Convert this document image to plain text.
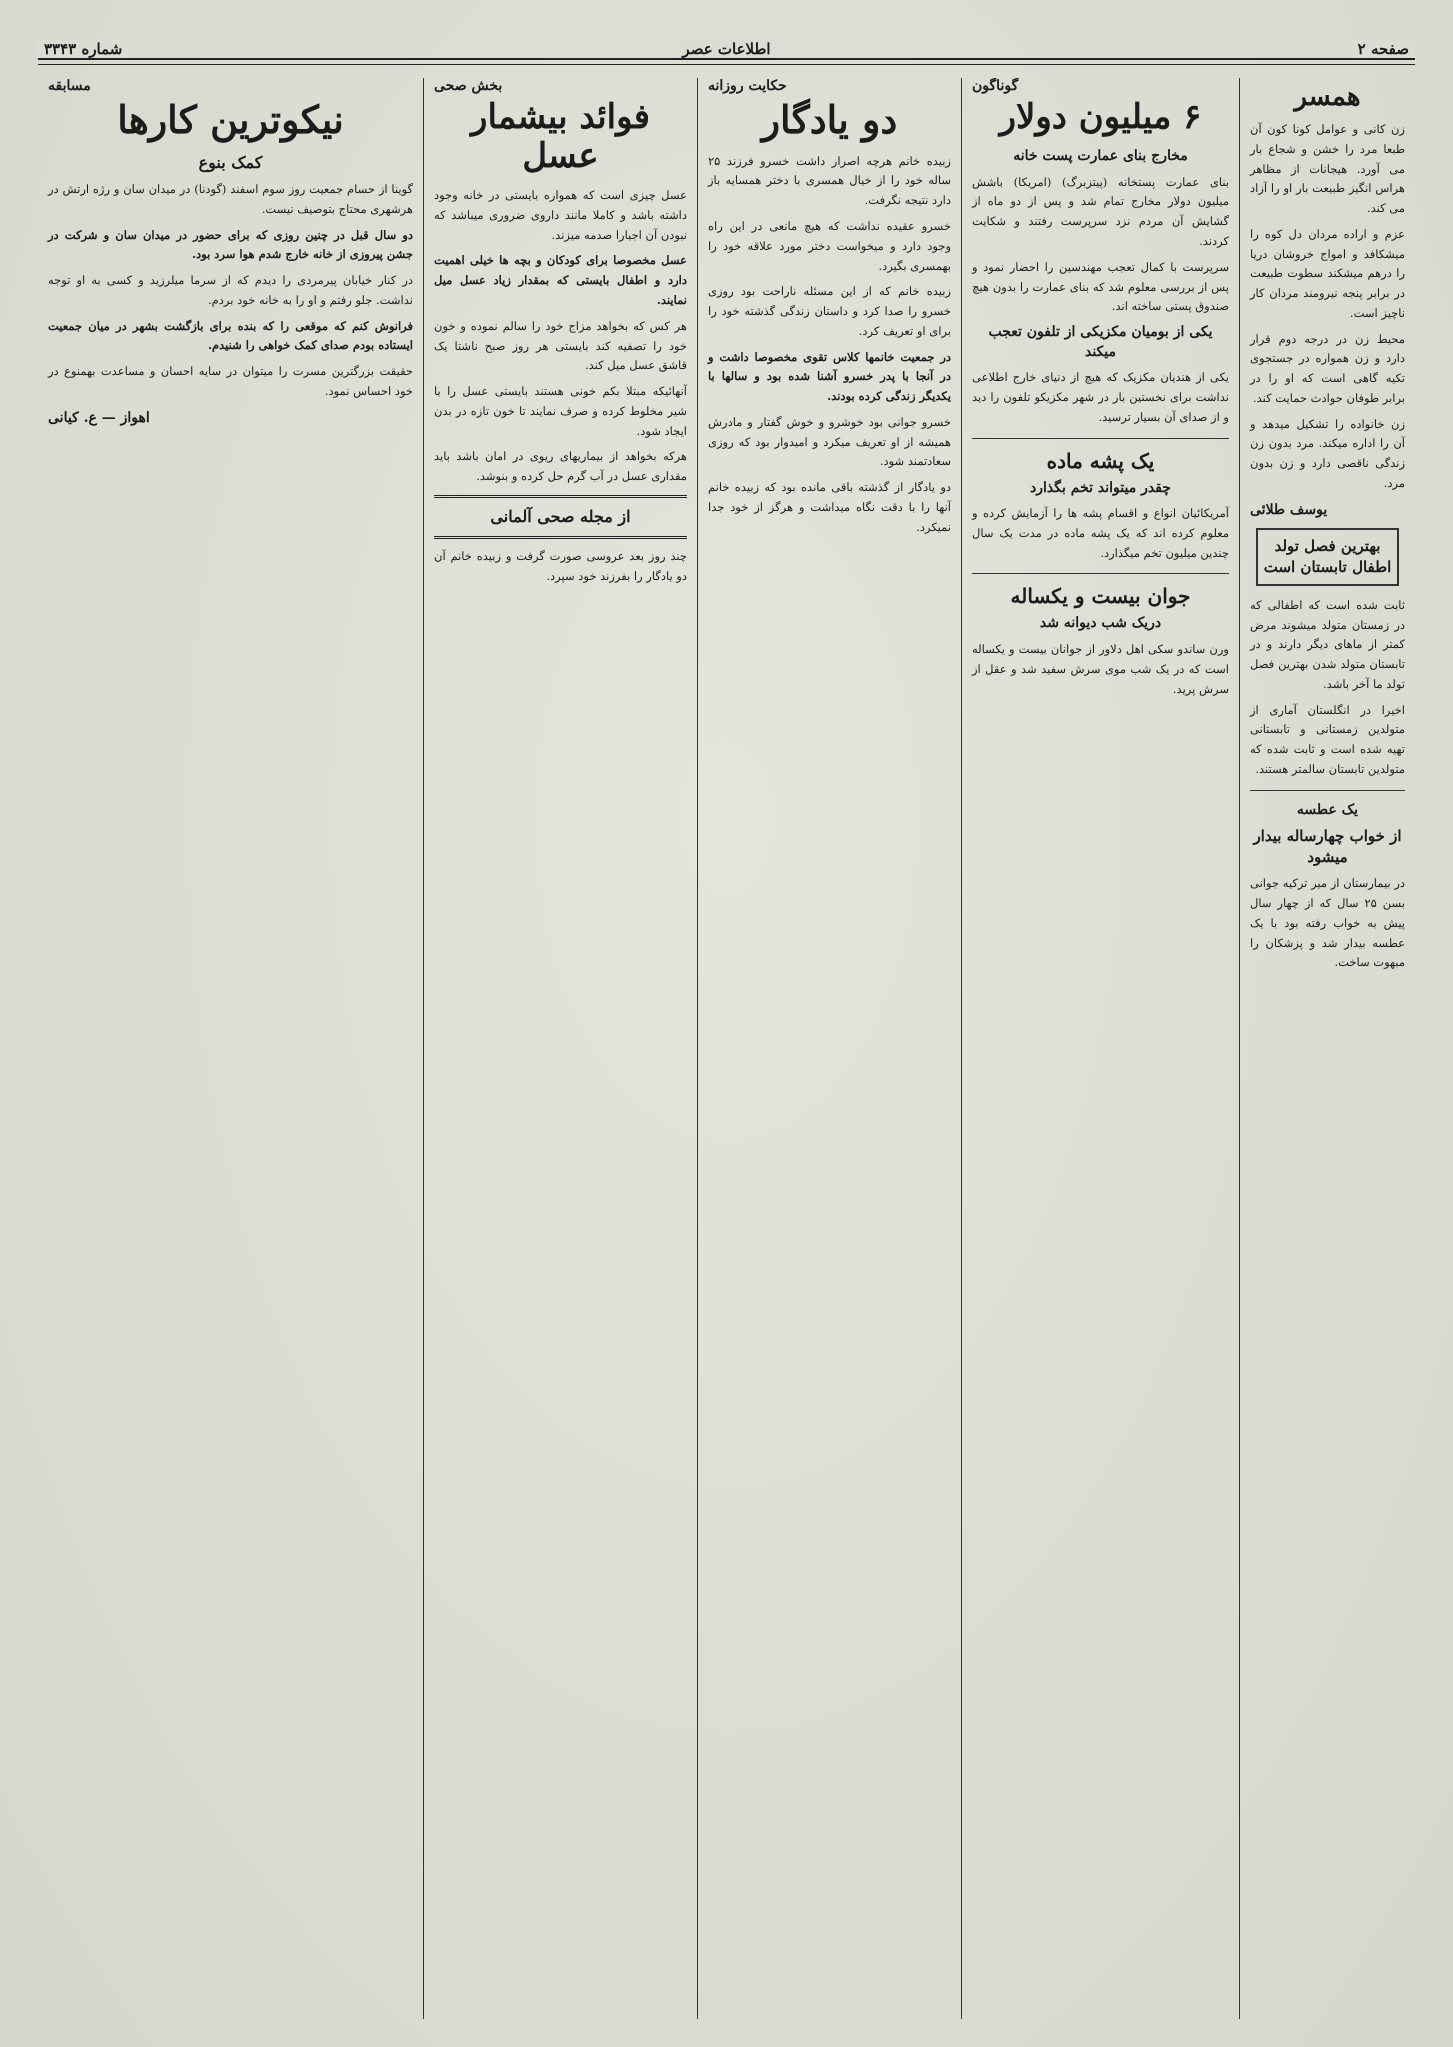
صفحه ۲
اطلاعات عصر
شماره ۳۳۴۳
همسر

زن کانی و عوامل کونا کون آن طبعا مرد را خشن و شجاع بار می آورد. هیجانات از مظاهر هراس انگیز طبیعت بار او را آزاد می کند.

عزم و اراده مردان دل کوه را میشکافد و امواج خروشان دریا را درهم میشکند سطوت طبیعت در برابر پنجه نیرومند مردان کار ناچیز است.

محیط زن در درجه دوم قرار دارد و زن همواره در جستجوی تکیه گاهی است که او را در برابر طوفان حوادث حمایت کند.

زن خانواده را تشکیل میدهد و آن را اداره میکند. مرد بدون زن زندگی ناقصی دارد و زن بدون مرد.

یوسف طلائی
بهترین فصل تولد اطفال تابستان است

ثابت شده است که اطفالی که در زمستان متولد میشوند مرض کمتر از ماهای دیگر دارند و در تابستان متولد شدن بهترین فصل تولد ما آخر باشد.

اخیرا در انگلستان آماری از متولدین زمستانی و تابستانی تهیه شده است و ثابت شده که متولدین تابستان سالمتر هستند.

یک عطسه
از خواب چهارساله بیدار میشود

در بیمارستان از میر ترکیه جوانی بسن ۲۵ سال که از چهار سال پیش به خواب رفته بود با یک عطسه بیدار شد و پزشکان را مبهوت ساخت.

گوناگون
۶ میلیون دولار
مخارج بنای عمارت پست خانه

بنای عمارت پستخانه (پیتزبرگ) (امریکا) باشش میلیون دولار مخارج تمام شد و پس از دو ماه از گشایش آن مردم نزد سرپرست رفتند و شکایت کردند.

سرپرست با کمال تعجب مهندسین را احضار نمود و پس از بررسی معلوم شد که بنای عمارت را بدون هیچ صندوق پستی ساخته اند.

یکی از بومیان مکزیکی از تلفون تعجب میکند

یکی از هندیان مکزیک که هیچ از دنیای خارج اطلاعی نداشت برای نخستین بار در شهر مکزیکو تلفون را دید و از صدای آن بسیار ترسید.

یک پشه ماده
چقدر میتواند تخم بگذارد

آمریکائیان انواع و اقسام پشه ها را آزمایش کرده و معلوم کرده اند که یک پشه ماده در مدت یک سال چندین میلیون تخم میگذارد.

جوان بیست و یکساله
دریک شب دیوانه شد

ورن ساندو سکی اهل دلاور از جوانان بیست و یکساله است که در یک شب موی سرش سفید شد و عقل از سرش پرید.

حکایت روزانه
دو یادگار

زبیده خانم هرچه اصرار داشت خسرو فرزند ۲۵ ساله خود را از خیال همسری با دختر همسایه باز دارد نتیجه نگرفت.

خسرو عقیده نداشت که هیچ مانعی در این راه وجود دارد و میخواست دختر مورد علاقه خود را بهمسری بگیرد.

زبیده خانم که از این مسئله ناراحت بود روزی خسرو را صدا کرد و داستان زندگی گذشته خود را برای او تعریف کرد.

در جمعیت خانمها کلاس تقوی مخصوصا داشت و در آنجا با پدر خسرو آشنا شده بود و سالها با یکدیگر زندگی کرده بودند.

خسرو جوانی بود خوشرو و خوش گفتار و مادرش همیشه از او تعریف میکرد و امیدوار بود که روزی سعادتمند شود.

دو یادگار از گذشته باقی مانده بود که زبیده خانم آنها را با دقت نگاه میداشت و هرگز از خود جدا نمیکرد.

بخش صحی
فوائد بیشمار عسل

عسل چیزی است که همواره بایستی در خانه وجود داشته باشد و کاملا مانند داروی ضروری میباشد که نبودن آن اجبارا صدمه میزند.

عسل مخصوصا برای کودکان و بچه ها خیلی اهمیت دارد و اطفال بایستی که بمقدار زیاد عسل میل نمایند.

هر کس که بخواهد مزاج خود را سالم نموده و خون خود را تصفیه کند بایستی هر روز صبح ناشتا یک قاشق عسل میل کند.

آنهائیکه مبتلا بکم خونی هستند بایستی عسل را با شیر مخلوط کرده و صرف نمایند تا خون تازه در بدن ایجاد شود.

هرکه بخواهد از بیماریهای ریوی در امان باشد باید مقداری عسل در آب گرم حل کرده و بنوشد.

از مجله صحی آلمانی

چند روز بعد عروسی صورت گرفت و زبیده خانم آن دو یادگار را بفرزند خود سپرد.

مسابقه
نیکوترین کارها
کمک بنوع

گوینا از حسام جمعیت روز سوم اسفند (گودنا) در میدان سان و رژه ارتش در هرشهری محتاج بتوصیف نیست.

دو سال قبل در چنین روزی که برای حضور در میدان سان و شرکت در جشن پیروزی از خانه خارج شدم هوا سرد بود.

در کنار خیابان پیرمردی را دیدم که از سرما میلرزید و کسی به او توجه نداشت. جلو رفتم و او را به خانه خود بردم.

فرانوش کنم که موقعی را که بنده برای بازگشت بشهر در میان جمعیت ایستاده بودم صدای کمک خواهی را شنیدم.

حقیقت بزرگترین مسرت را میتوان در سایه احسان و مساعدت بهمنوع در خود احساس نمود.

اهواز — ع. کیانی
